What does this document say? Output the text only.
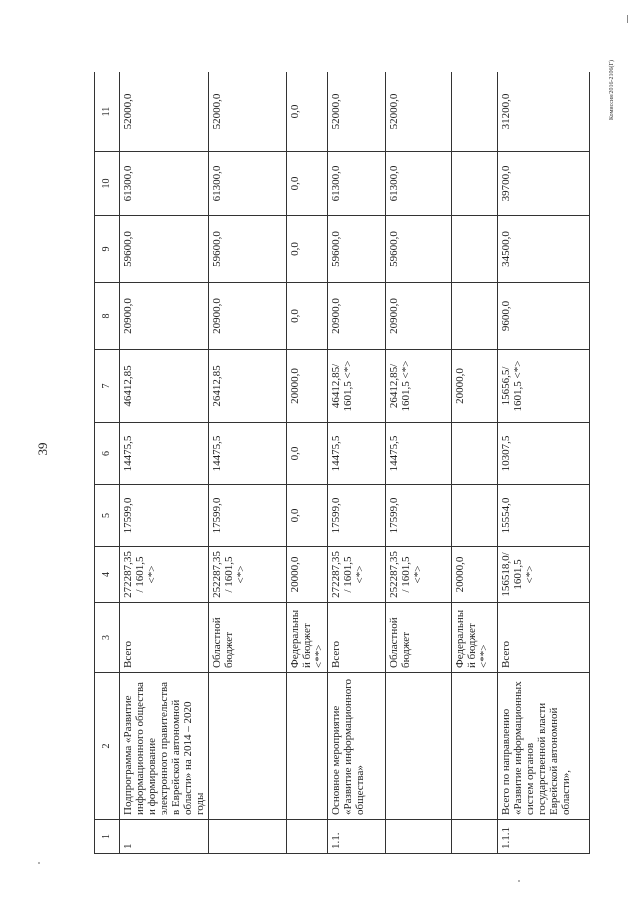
39
Комиссия/2016-2106(Г)
1	2	3	4	5	6	7	8	9	10	11
1	Подпрограмма «Развитие информационного общества и формирование электронного правительства в Еврейской автономной области» на 2014 – 2020 годы	Всего	272287,35/ 1601,5 <*>	17599,0	14475,5	46412,85	20900,0	59600,0	61300,0	52000,0
		Областной бюджет	252287,35/ 1601,5 <*>	17599,0	14475,5	26412,85	20900,0	59600,0	61300,0	52000,0
		Федеральный бюджет <**>	20000,0	0,0	0,0	20000,0	0,0	0,0	0,0	0,0
1.1.	Основное мероприятие «Развитие информационного общества»	Всего	272287,35/ 1601,5 <*>	17599,0	14475,5	46412,85/ 1601,5 <*>	20900,0	59600,0	61300,0	52000,0
		Областной бюджет	252287,35/ 1601,5 <*>	17599,0	14475,5	26412,85/ 1601,5 <*>	20900,0	59600,0	61300,0	52000,0
		Федеральный бюджет <**>	20000,0			20000,0				
1.1.1	Всего по направлению «Развитие информационных систем органов государственной власти Еврейской автономной области»,	Всего	156518,0/ 1601,5 <*>	15554,0	10307,5	15656,5/ 1601,5 <*>	9600,0	34500,0	39700,0	31200,0
